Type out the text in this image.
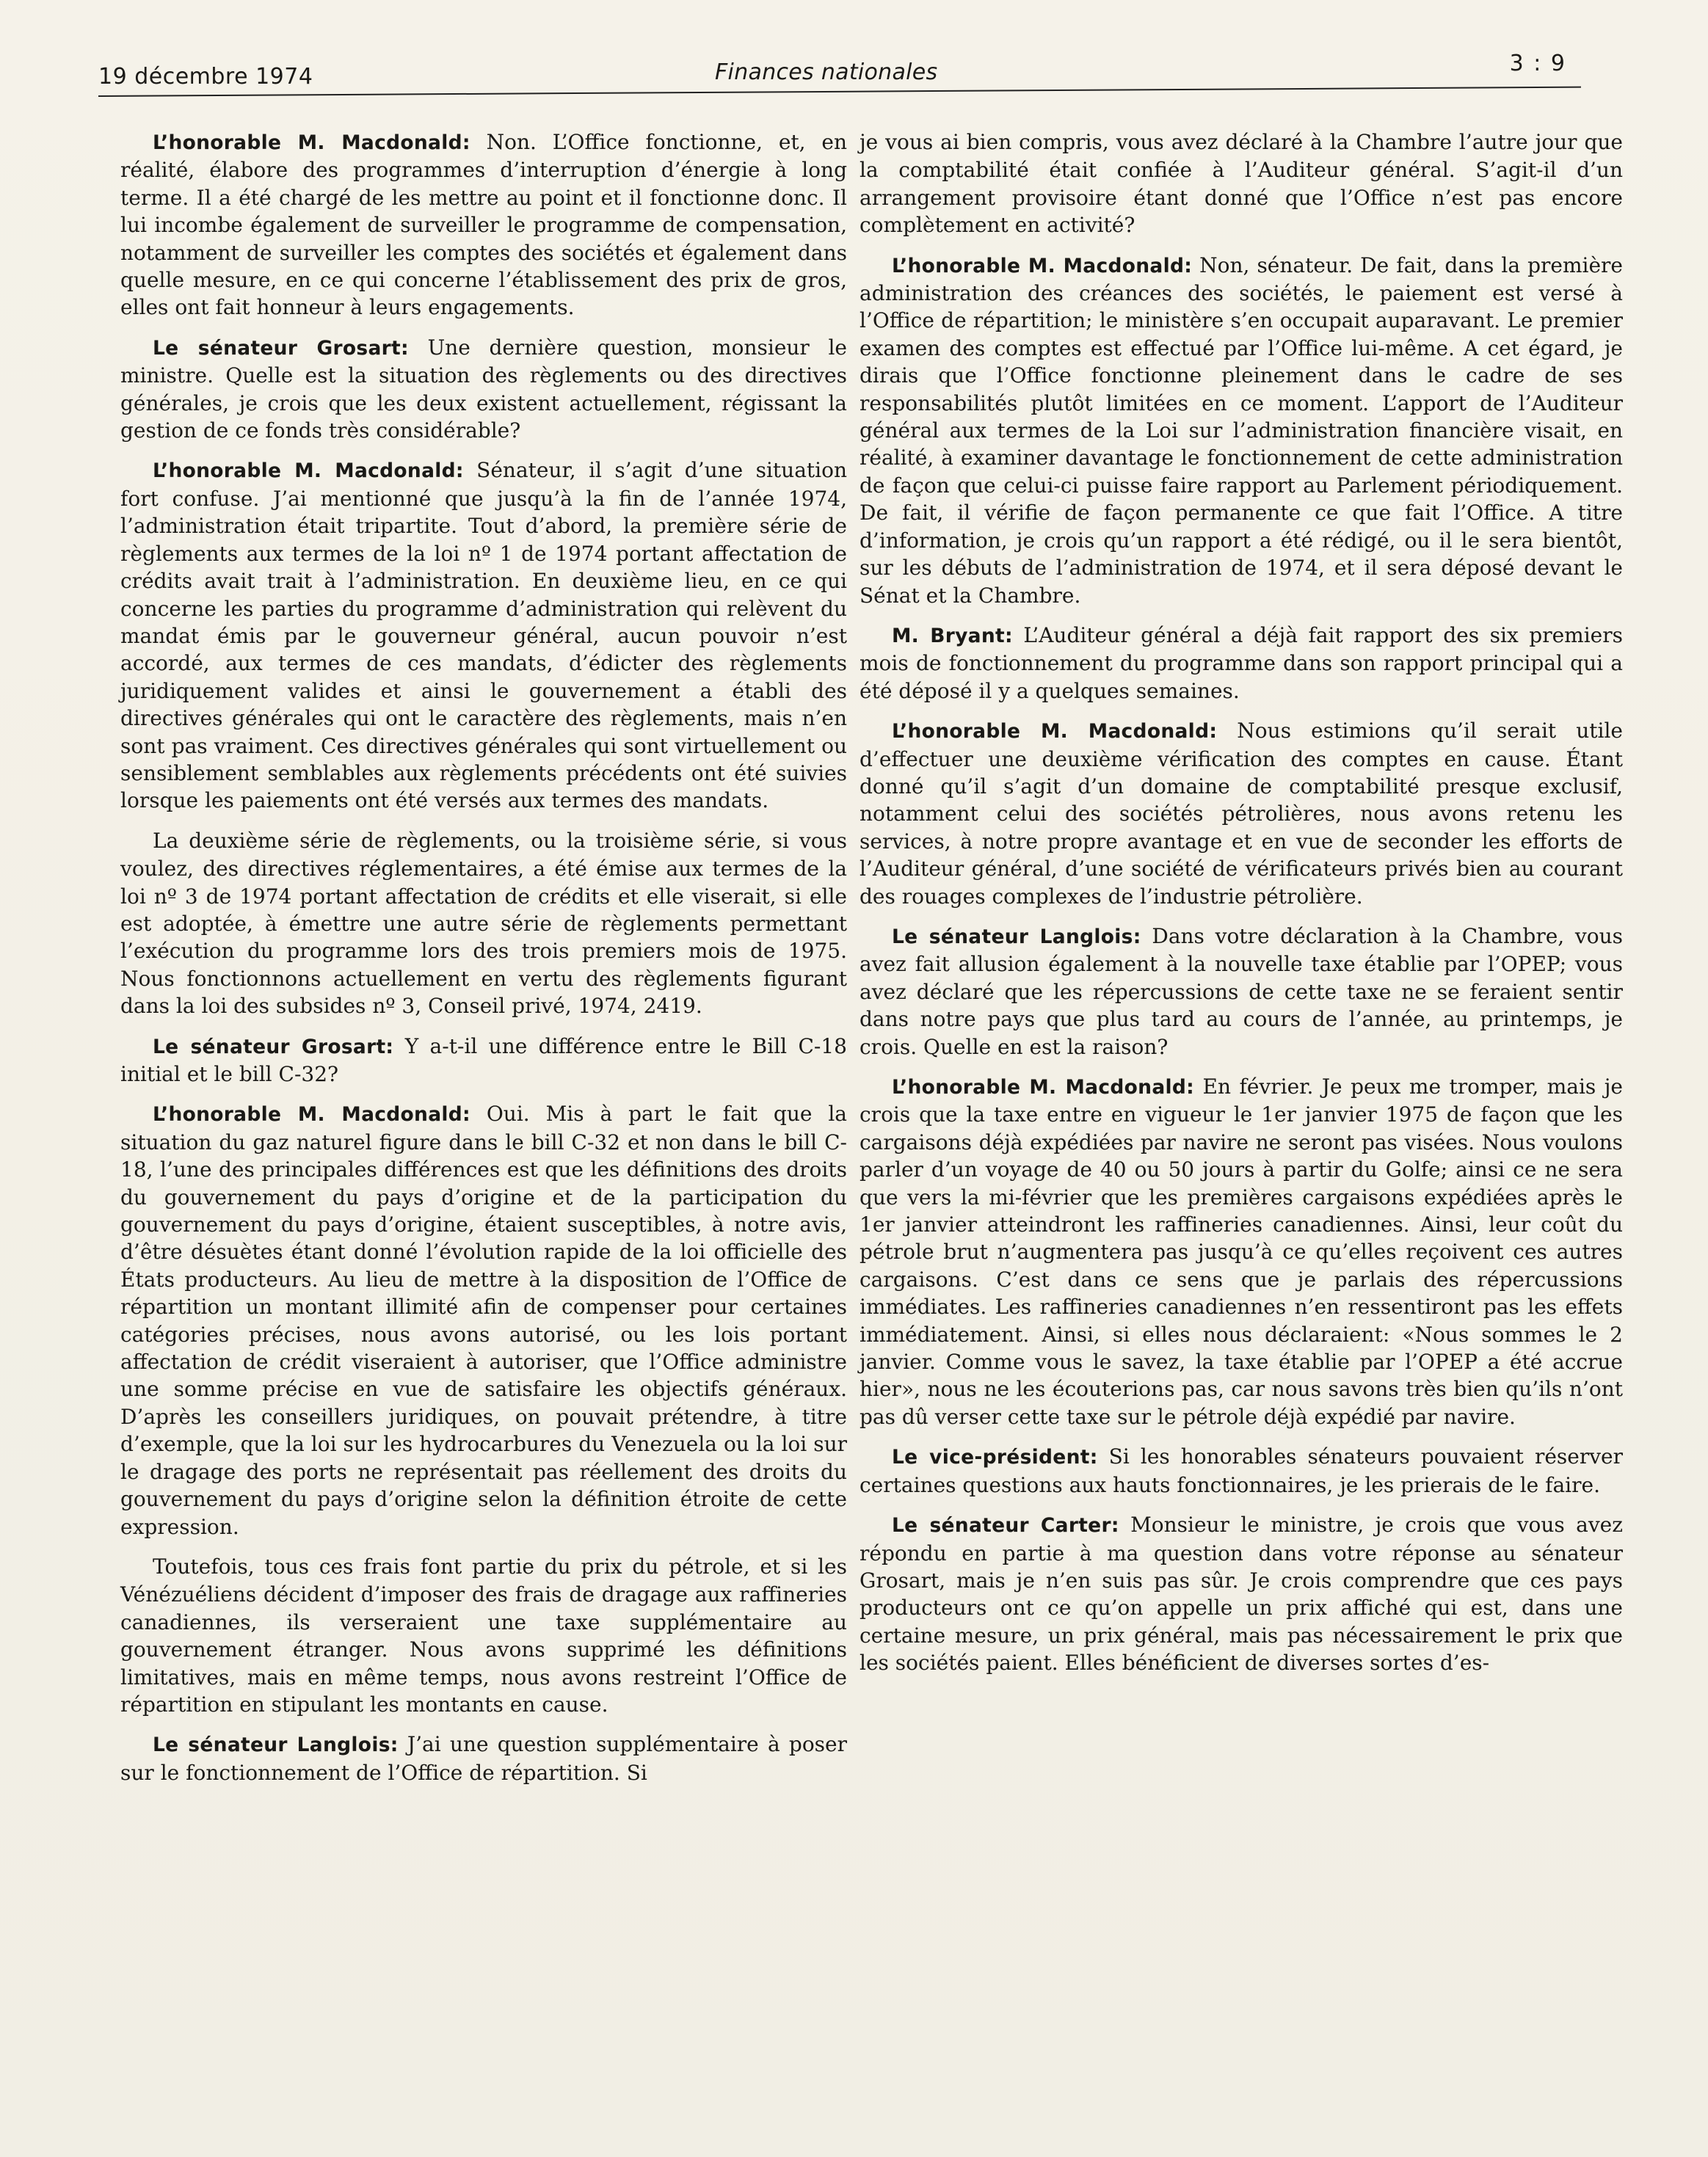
19 décembre 1974	Finances nationales	3 : 9

L’honorable M. Macdonald: Non. L’Office fonctionne, et, en réalité, élabore des programmes d’interruption d’énergie à long terme. Il a été chargé de les mettre au point et il fonctionne donc. Il lui incombe également de surveiller le programme de compensation, notamment de surveiller les comptes des sociétés et également dans quelle mesure, en ce qui concerne l’établissement des prix de gros, elles ont fait honneur à leurs engagements.

Le sénateur Grosart: Une dernière question, monsieur le ministre. Quelle est la situation des règlements ou des directives générales, je crois que les deux existent actuellement, régissant la gestion de ce fonds très considérable?

L’honorable M. Macdonald: Sénateur, il s’agit d’une situation fort confuse. J’ai mentionné que jusqu’à la fin de l’année 1974, l’administration était tripartite. Tout d’abord, la première série de règlements aux termes de la loi nº 1 de 1974 portant affectation de crédits avait trait à l’administration. En deuxième lieu, en ce qui concerne les parties du programme d’administration qui relèvent du mandat émis par le gouverneur général, aucun pouvoir n’est accordé, aux termes de ces mandats, d’édicter des règlements juridiquement valides et ainsi le gouvernement a établi des directives générales qui ont le caractère des règlements, mais n’en sont pas vraiment. Ces directives générales qui sont virtuellement ou sensiblement semblables aux règlements précédents ont été suivies lorsque les paiements ont été versés aux termes des mandats.

La deuxième série de règlements, ou la troisième série, si vous voulez, des directives réglementaires, a été émise aux termes de la loi nº 3 de 1974 portant affectation de crédits et elle viserait, si elle est adoptée, à émettre une autre série de règlements permettant l’exécution du programme lors des trois premiers mois de 1975. Nous fonctionnons actuellement en vertu des règlements figurant dans la loi des subsides nº 3, Conseil privé, 1974, 2419.

Le sénateur Grosart: Y a-t-il une différence entre le Bill C-18 initial et le bill C-32?

L’honorable M. Macdonald: Oui. Mis à part le fait que la situation du gaz naturel figure dans le bill C-32 et non dans le bill C-18, l’une des principales différences est que les définitions des droits du gouvernement du pays d’origine et de la participation du gouvernement du pays d’origine, étaient susceptibles, à notre avis, d’être désuètes étant donné l’évolution rapide de la loi officielle des États producteurs. Au lieu de mettre à la disposition de l’Office de répartition un montant illimité afin de compenser pour certaines catégories précises, nous avons autorisé, ou les lois portant affectation de crédit viseraient à autoriser, que l’Office administre une somme précise en vue de satisfaire les objectifs généraux. D’après les conseillers juridiques, on pouvait prétendre, à titre d’exemple, que la loi sur les hydrocarbures du Venezuela ou la loi sur le dragage des ports ne représentait pas réellement des droits du gouvernement du pays d’origine selon la définition étroite de cette expression.

Toutefois, tous ces frais font partie du prix du pétrole, et si les Vénézuéliens décident d’imposer des frais de dragage aux raffineries canadiennes, ils verseraient une taxe supplémentaire au gouvernement étranger. Nous avons supprimé les définitions limitatives, mais en même temps, nous avons restreint l’Office de répartition en stipulant les montants en cause.

Le sénateur Langlois: J’ai une question supplémentaire à poser sur le fonctionnement de l’Office de répartition. Si

je vous ai bien compris, vous avez déclaré à la Chambre l’autre jour que la comptabilité était confiée à l’Auditeur général. S’agit-il d’un arrangement provisoire étant donné que l’Office n’est pas encore complètement en activité?

L’honorable M. Macdonald: Non, sénateur. De fait, dans la première administration des créances des sociétés, le paiement est versé à l’Office de répartition; le ministère s’en occupait auparavant. Le premier examen des comptes est effectué par l’Office lui-même. A cet égard, je dirais que l’Office fonctionne pleinement dans le cadre de ses responsabilités plutôt limitées en ce moment. L’apport de l’Auditeur général aux termes de la Loi sur l’administration financière visait, en réalité, à examiner davantage le fonctionnement de cette administration de façon que celui-ci puisse faire rapport au Parlement périodiquement. De fait, il vérifie de façon permanente ce que fait l’Office. A titre d’information, je crois qu’un rapport a été rédigé, ou il le sera bientôt, sur les débuts de l’administration de 1974, et il sera déposé devant le Sénat et la Chambre.

M. Bryant: L’Auditeur général a déjà fait rapport des six premiers mois de fonctionnement du programme dans son rapport principal qui a été déposé il y a quelques semaines.

L’honorable M. Macdonald: Nous estimions qu’il serait utile d’effectuer une deuxième vérification des comptes en cause. Étant donné qu’il s’agit d’un domaine de comptabilité presque exclusif, notamment celui des sociétés pétrolières, nous avons retenu les services, à notre propre avantage et en vue de seconder les efforts de l’Auditeur général, d’une société de vérificateurs privés bien au courant des rouages complexes de l’industrie pétrolière.

Le sénateur Langlois: Dans votre déclaration à la Chambre, vous avez fait allusion également à la nouvelle taxe établie par l’OPEP; vous avez déclaré que les répercussions de cette taxe ne se feraient sentir dans notre pays que plus tard au cours de l’année, au printemps, je crois. Quelle en est la raison?

L’honorable M. Macdonald: En février. Je peux me tromper, mais je crois que la taxe entre en vigueur le 1er janvier 1975 de façon que les cargaisons déjà expédiées par navire ne seront pas visées. Nous voulons parler d’un voyage de 40 ou 50 jours à partir du Golfe; ainsi ce ne sera que vers la mi-février que les premières cargaisons expédiées après le 1er janvier atteindront les raffineries canadiennes. Ainsi, leur coût du pétrole brut n’augmentera pas jusqu’à ce qu’elles reçoivent ces autres cargaisons. C’est dans ce sens que je parlais des répercussions immédiates. Les raffineries canadiennes n’en ressentiront pas les effets immédiatement. Ainsi, si elles nous déclaraient: «Nous sommes le 2 janvier. Comme vous le savez, la taxe établie par l’OPEP a été accrue hier», nous ne les écouterions pas, car nous savons très bien qu’ils n’ont pas dû verser cette taxe sur le pétrole déjà expédié par navire.

Le vice-président: Si les honorables sénateurs pouvaient réserver certaines questions aux hauts fonctionnaires, je les prierais de le faire.

Le sénateur Carter: Monsieur le ministre, je crois que vous avez répondu en partie à ma question dans votre réponse au sénateur Grosart, mais je n’en suis pas sûr. Je crois comprendre que ces pays producteurs ont ce qu’on appelle un prix affiché qui est, dans une certaine mesure, un prix général, mais pas nécessairement le prix que les sociétés paient. Elles bénéficient de diverses sortes d’es-
